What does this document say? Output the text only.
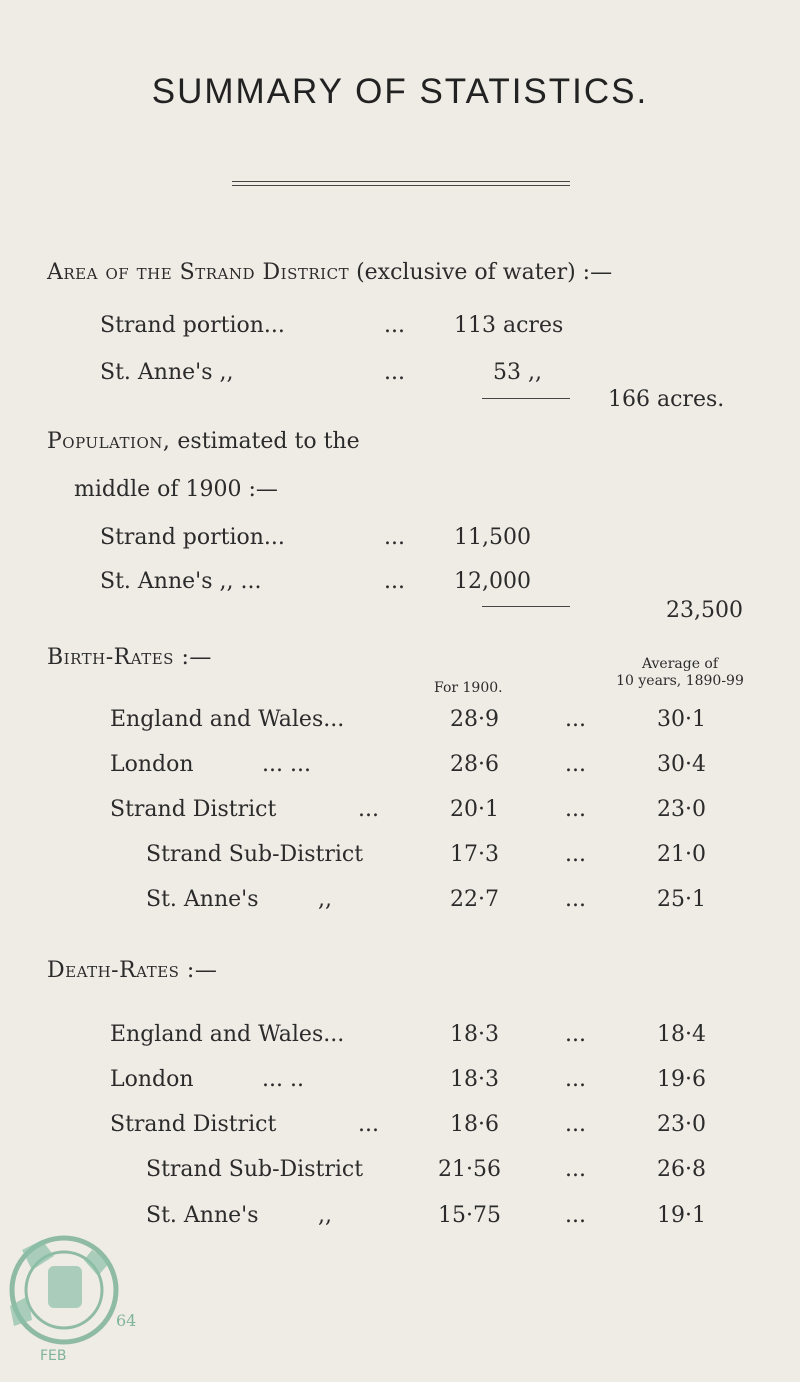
SUMMARY OF STATISTICS.
Area of the Strand District (exclusive of water) :—
Strand portion...	... 113 acres
St. Anne's ,,	...	53 ,,
166 acres.
Population, estimated to the
middle of 1900 :—
Strand portion...	... 11,500
St. Anne's ,, ...	... 12,000
23,500
Birth-Rates :—
For 1900.
Average of
10 years, 1890-99
England and Wales...	28·9	...	30·1
London	... ...	28·6	...	30·4
Strand District	...	20·1	...	23·0
Strand Sub-District	17·3	...	21·0
St. Anne's	,,	22·7	...	25·1
Death-Rates :—
England and Wales...	18·3	...	18·4
London	... ..	18·3	...	19·6
Strand District	...	18·6	...	23·0
Strand Sub-District	21·56	...	26·8
St. Anne's	,,	15·75	...	19·1
FEB
64
